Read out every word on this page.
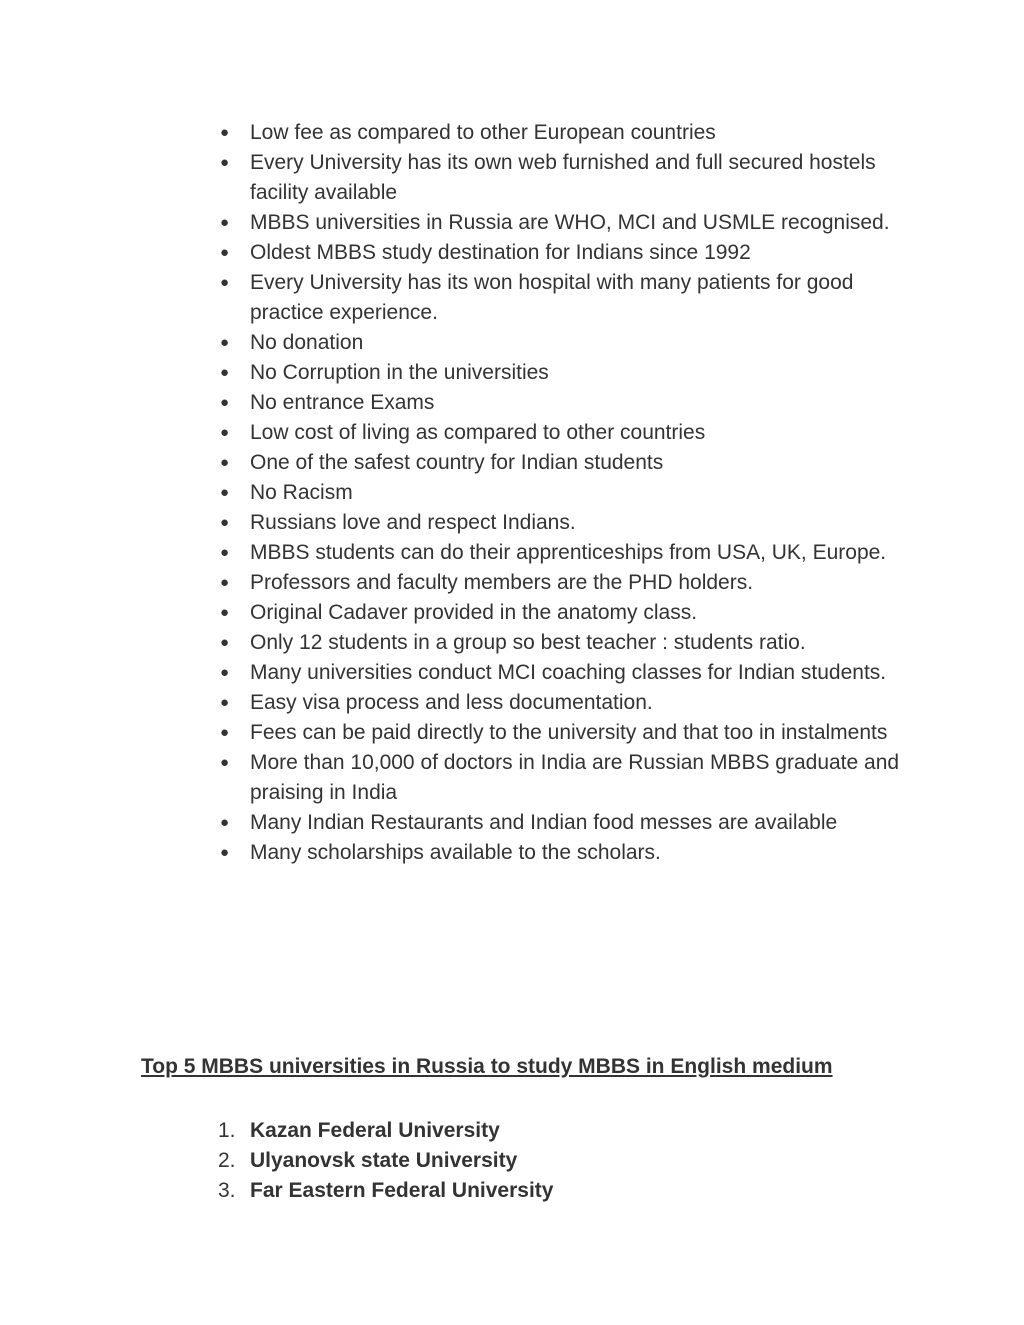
● Low fee as compared to other European countries
● Every University has its own web furnished and full secured hostels facility available
● MBBS universities in Russia are WHO, MCI and USMLE recognised.
● Oldest MBBS study destination for Indians since 1992
● Every University has its won hospital with many patients for good practice experience.
● No donation
● No Corruption in the universities
● No entrance Exams
● Low cost of living as compared to other countries
● One of the safest country for Indian students
● No Racism
● Russians love and respect Indians.
● MBBS students can do their apprenticeships from USA, UK, Europe.
● Professors and faculty members are the PHD holders.
● Original Cadaver provided in the anatomy class.
● Only 12 students in a group so best teacher : students ratio.
● Many universities conduct MCI coaching classes for Indian students.
● Easy visa process and less documentation.
● Fees can be paid directly to the university and that too in instalments
● More than 10,000 of doctors in India are Russian MBBS graduate and praising in India
● Many Indian Restaurants and Indian food messes are available
● Many scholarships available to the scholars.
Top 5 MBBS universities in Russia to study MBBS in English medium
1. Kazan Federal University
2. Ulyanovsk state University
3. Far Eastern Federal University
